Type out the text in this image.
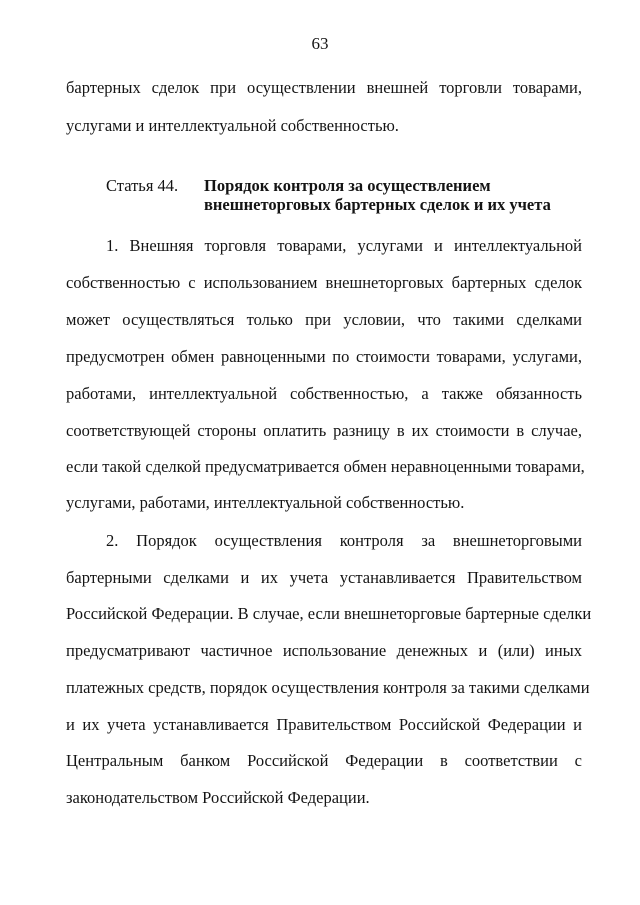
63
бартерных сделок при осуществлении внешней торговли товарами,
услугами и интеллектуальной собственностью.
Статья 44. Порядок контроля за осуществлением
внешнеторговых бартерных сделок и их учета
1. Внешняя торговля товарами, услугами и интеллектуальной
собственностью с использованием внешнеторговых бартерных сделок
может осуществляться только при условии, что такими сделками
предусмотрен обмен равноценными по стоимости товарами, услугами,
работами, интеллектуальной собственностью, а также обязанность
соответствующей стороны оплатить разницу в их стоимости в случае,
если такой сделкой предусматривается обмен неравноценными товарами,
услугами, работами, интеллектуальной собственностью.
2. Порядок осуществления контроля за внешнеторговыми
бартерными сделками и их учета устанавливается Правительством
Российской Федерации. В случае, если внешнеторговые бартерные сделки
предусматривают частичное использование денежных и (или) иных
платежных средств, порядок осуществления контроля за такими сделками
и их учета устанавливается Правительством Российской Федерации и
Центральным банком Российской Федерации в соответствии с
законодательством Российской Федерации.
